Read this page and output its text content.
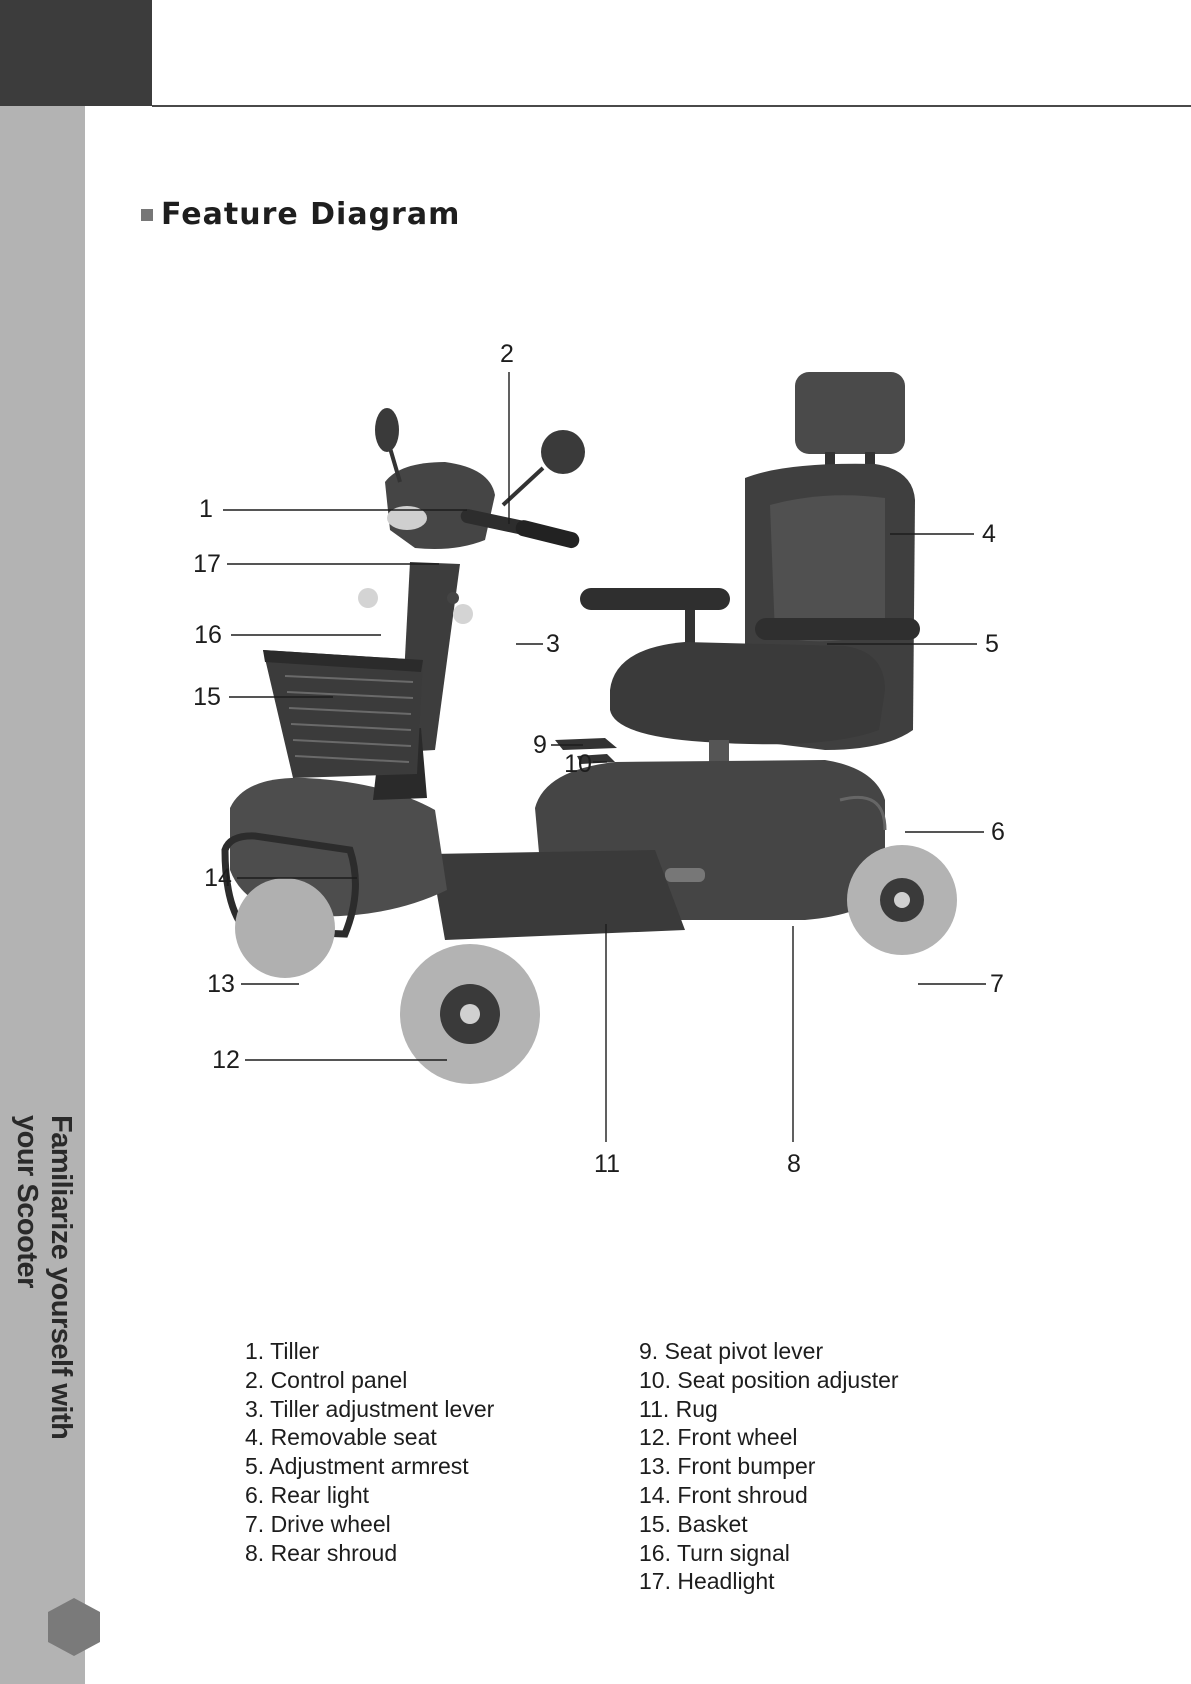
Familiarize yourself with your Scooter
Feature Diagram
1
2
3
4
5
6
7
8
9
10
11
12
13
14
15
16
17
1. Tiller
2. Control panel
3. Tiller adjustment lever
4. Removable seat
5. Adjustment armrest
6. Rear light
7. Drive wheel
8. Rear shroud
9. Seat pivot lever
10. Seat position adjuster
11. Rug
12. Front wheel
13. Front bumper
14. Front shroud
15. Basket
16. Turn signal
17. Headlight
